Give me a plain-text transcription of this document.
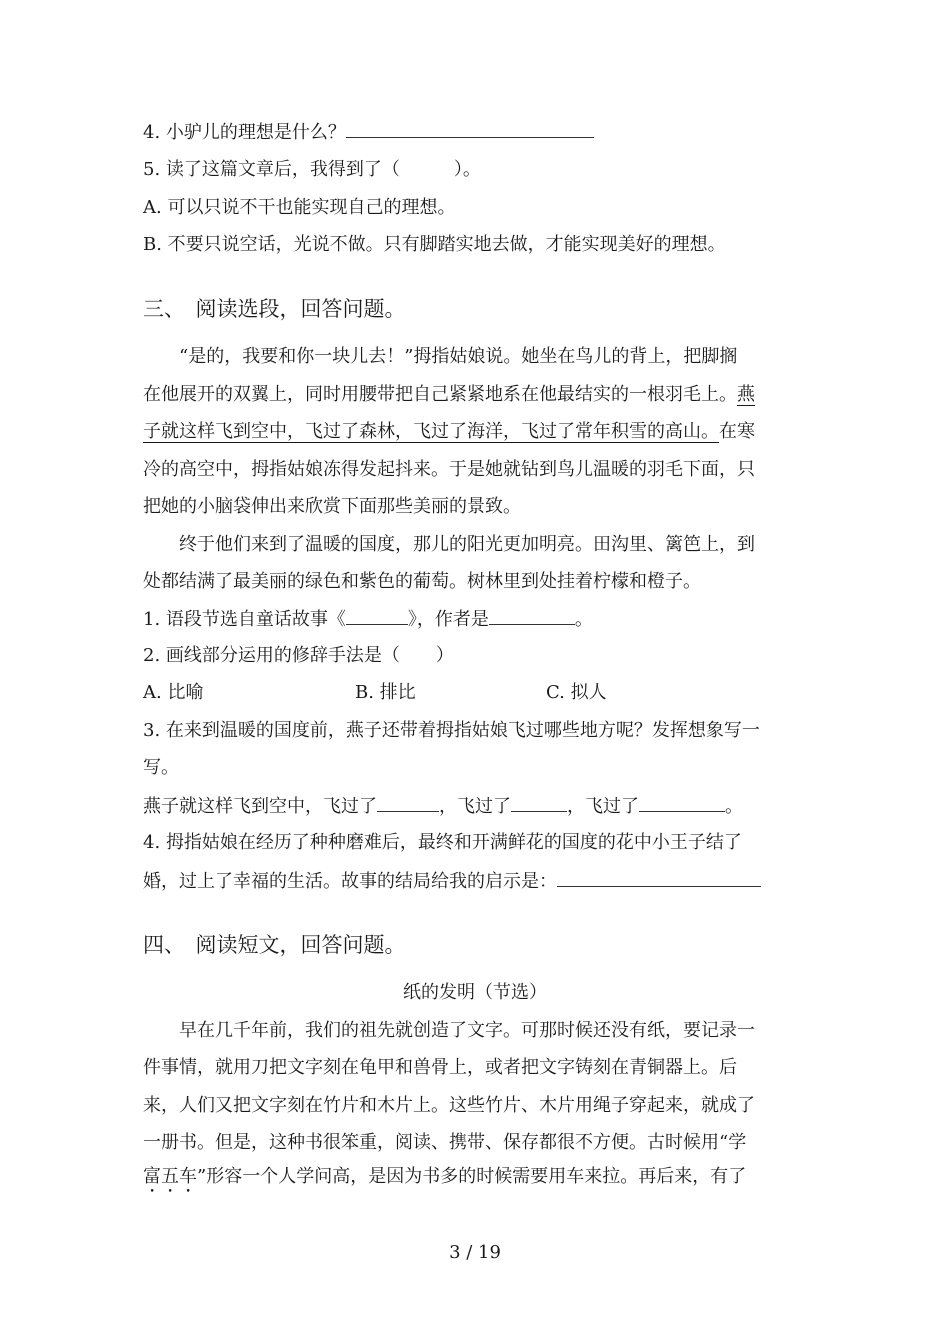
4. 小驴儿的理想是什么？
5. 读了这篇文章后，我得到了（　　　）。
A. 可以只说不干也能实现自己的理想。
B. 不要只说空话，光说不做。只有脚踏实地去做，才能实现美好的理想。
三、　阅读选段，回答问题。
“是的，我要和你一块儿去！”拇指姑娘说。她坐在鸟儿的背上，把脚搁
在他展开的双翼上，同时用腰带把自己紧紧地系在他最结实的一根羽毛上。燕
子就这样飞到空中，飞过了森林，飞过了海洋，飞过了常年积雪的高山。在寒
冷的高空中，拇指姑娘冻得发起抖来。于是她就钻到鸟儿温暖的羽毛下面，只
把她的小脑袋伸出来欣赏下面那些美丽的景致。
终于他们来到了温暖的国度，那儿的阳光更加明亮。田沟里、篱笆上，到
处都结满了最美丽的绿色和紫色的葡萄。树林里到处挂着柠檬和橙子。
1. 语段节选自童话故事《	》，作者是	。
2. 画线部分运用的修辞手法是（　　）
A. 比喻	B. 排比	C. 拟人
3. 在来到温暖的国度前，燕子还带着拇指姑娘飞过哪些地方呢？发挥想象写一
写。
燕子就这样飞到空中，飞过了	，飞过了	，飞过了	。
4. 拇指姑娘在经历了种种磨难后，最终和开满鲜花的国度的花中小王子结了
婚，过上了幸福的生活。故事的结局给我的启示是：
四、　阅读短文，回答问题。
纸的发明（节选）
早在几千年前，我们的祖先就创造了文字。可那时候还没有纸，要记录一
件事情，就用刀把文字刻在龟甲和兽骨上，或者把文字铸刻在青铜器上。后
来，人们又把文字刻在竹片和木片上。这些竹片、木片用绳子穿起来，就成了
一册书。但是，这种书很笨重，阅读、携带、保存都很不方便。古时候用“学
富五车”形容一个人学问高，是因为书多的时候需要用车来拉。再后来，有了
3 / 19
